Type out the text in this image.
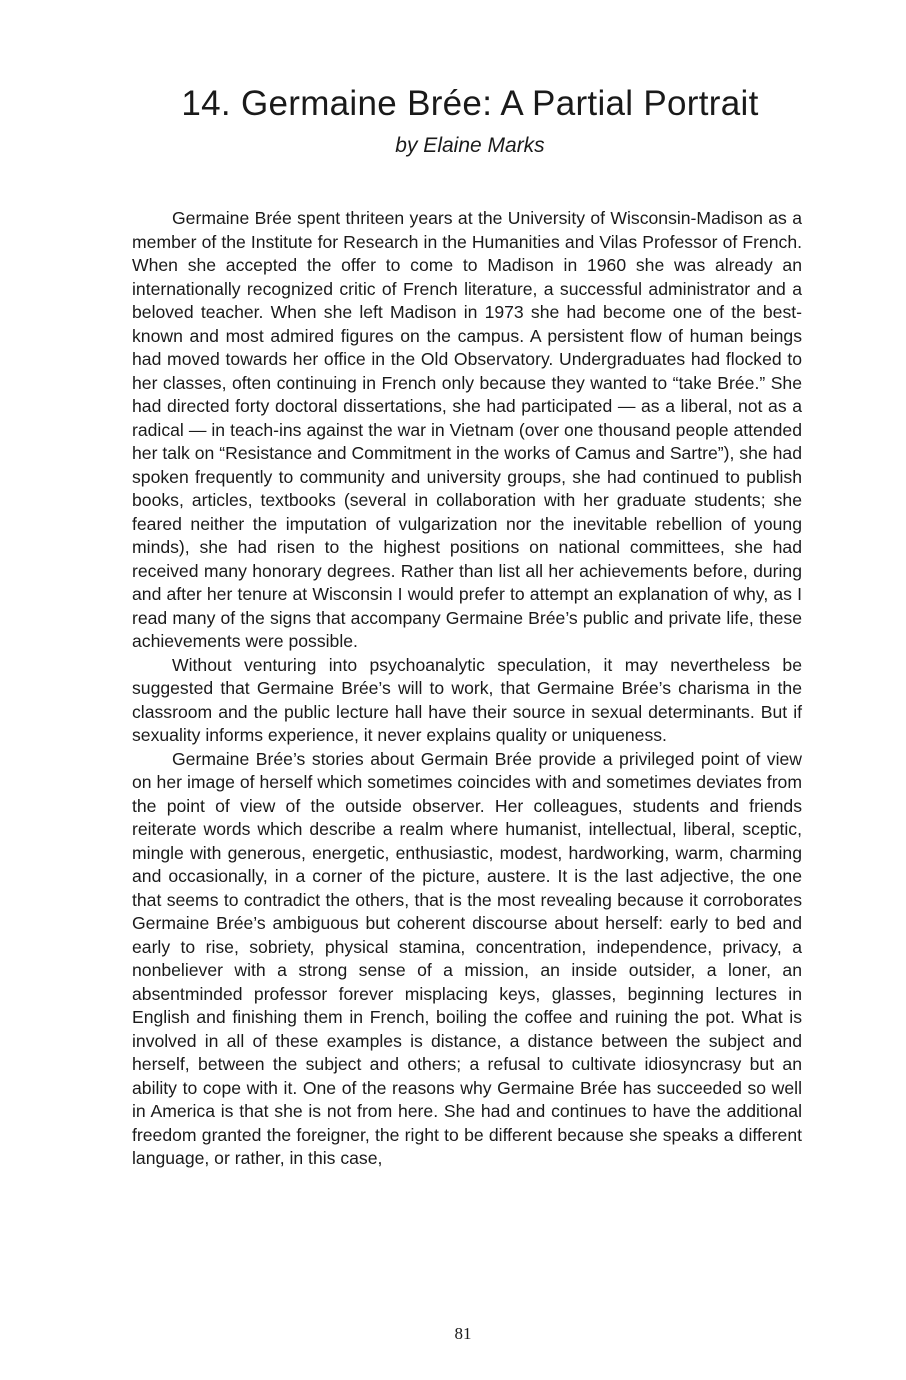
14. Germaine Brée: A Partial Portrait
by Elaine Marks

Germaine Brée spent thriteen years at the University of Wisconsin-Madison as a member of the Institute for Research in the Humanities and Vilas Professor of French. When she accepted the offer to come to Madison in 1960 she was already an internationally recognized critic of French literature, a successful administrator and a beloved teacher. When she left Madison in 1973 she had become one of the best-known and most admired figures on the campus. A persistent flow of human beings had moved towards her office in the Old Observatory. Undergraduates had flocked to her classes, often continuing in French only because they wanted to “take Brée.” She had directed forty doctoral dissertations, she had participated — as a liberal, not as a radical — in teach-ins against the war in Vietnam (over one thousand people attended her talk on “Resistance and Commitment in the works of Camus and Sartre”), she had spoken frequently to community and university groups, she had continued to publish books, articles, textbooks (several in collaboration with her graduate students; she feared neither the imputation of vulgarization nor the inevitable rebellion of young minds), she had risen to the highest positions on national committees, she had received many honorary degrees. Rather than list all her achievements before, during and after her tenure at Wisconsin I would prefer to attempt an explanation of why, as I read many of the signs that accompany Germaine Brée’s public and private life, these achievements were possible.

Without venturing into psychoanalytic speculation, it may nevertheless be suggested that Germaine Brée’s will to work, that Germaine Brée’s charisma in the classroom and the public lecture hall have their source in sexual determinants. But if sexuality informs experience, it never explains quality or uniqueness.

Germaine Brée’s stories about Germain Brée provide a privileged point of view on her image of herself which sometimes coincides with and sometimes deviates from the point of view of the outside observer. Her colleagues, students and friends reiterate words which describe a realm where humanist, intellectual, liberal, sceptic, mingle with generous, energetic, enthusiastic, modest, hardworking, warm, charming and occasionally, in a corner of the picture, austere. It is the last adjective, the one that seems to contradict the others, that is the most revealing because it corroborates Germaine Brée’s ambiguous but coherent discourse about herself: early to bed and early to rise, sobriety, physical stamina, concentration, independence, privacy, a nonbeliever with a strong sense of a mission, an inside outsider, a loner, an absentminded professor forever misplacing keys, glasses, beginning lectures in English and finishing them in French, boiling the coffee and ruining the pot. What is involved in all of these examples is distance, a distance between the subject and herself, between the subject and others; a refusal to cultivate idiosyncrasy but an ability to cope with it. One of the reasons why Germaine Brée has succeeded so well in America is that she is not from here. She had and continues to have the additional freedom granted the foreigner, the right to be different because she speaks a different language, or rather, in this case,

81
